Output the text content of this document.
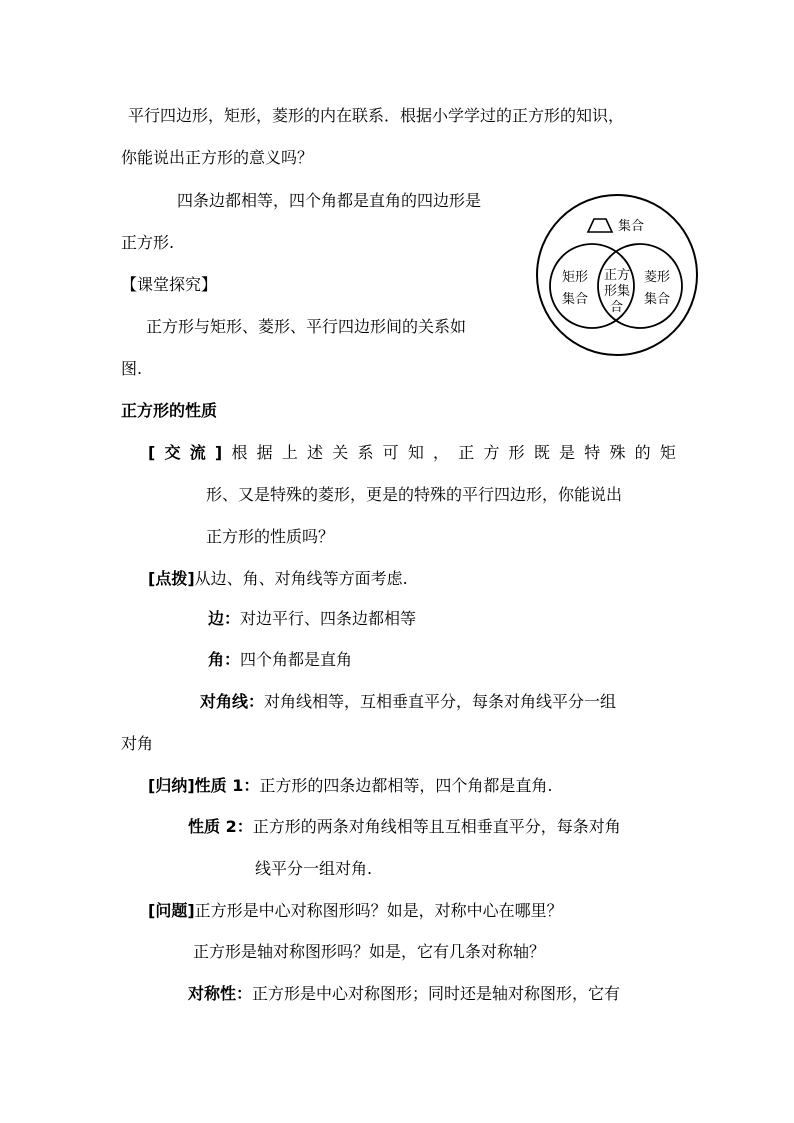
平行四边形，矩形，菱形的内在联系．根据小学学过的正方形的知识，
你能说出正方形的意义吗？
四条边都相等，四个角都是直角的四边形是
正方形.
【课堂探究】
正方形与矩形、菱形、平行四边形间的关系如
图.
集合
矩形
集合
菱形
集合
正方
形集
合
正方形的性质
[交流]根据上述关系可知，正方形既是特殊的矩
形、又是特殊的菱形，更是的特殊的平行四边形，你能说出
正方形的性质吗？
[点拨]从边、角、对角线等方面考虑.
边：对边平行、四条边都相等
角：四个角都是直角
对角线：对角线相等，互相垂直平分，每条对角线平分一组
对角
[归纳]性质 1：正方形的四条边都相等，四个角都是直角.
性质 2：正方形的两条对角线相等且互相垂直平分，每条对角
线平分一组对角.
[问题]正方形是中心对称图形吗？如是，对称中心在哪里？
正方形是轴对称图形吗？如是，它有几条对称轴？
对称性：正方形是中心对称图形；同时还是轴对称图形，它有
